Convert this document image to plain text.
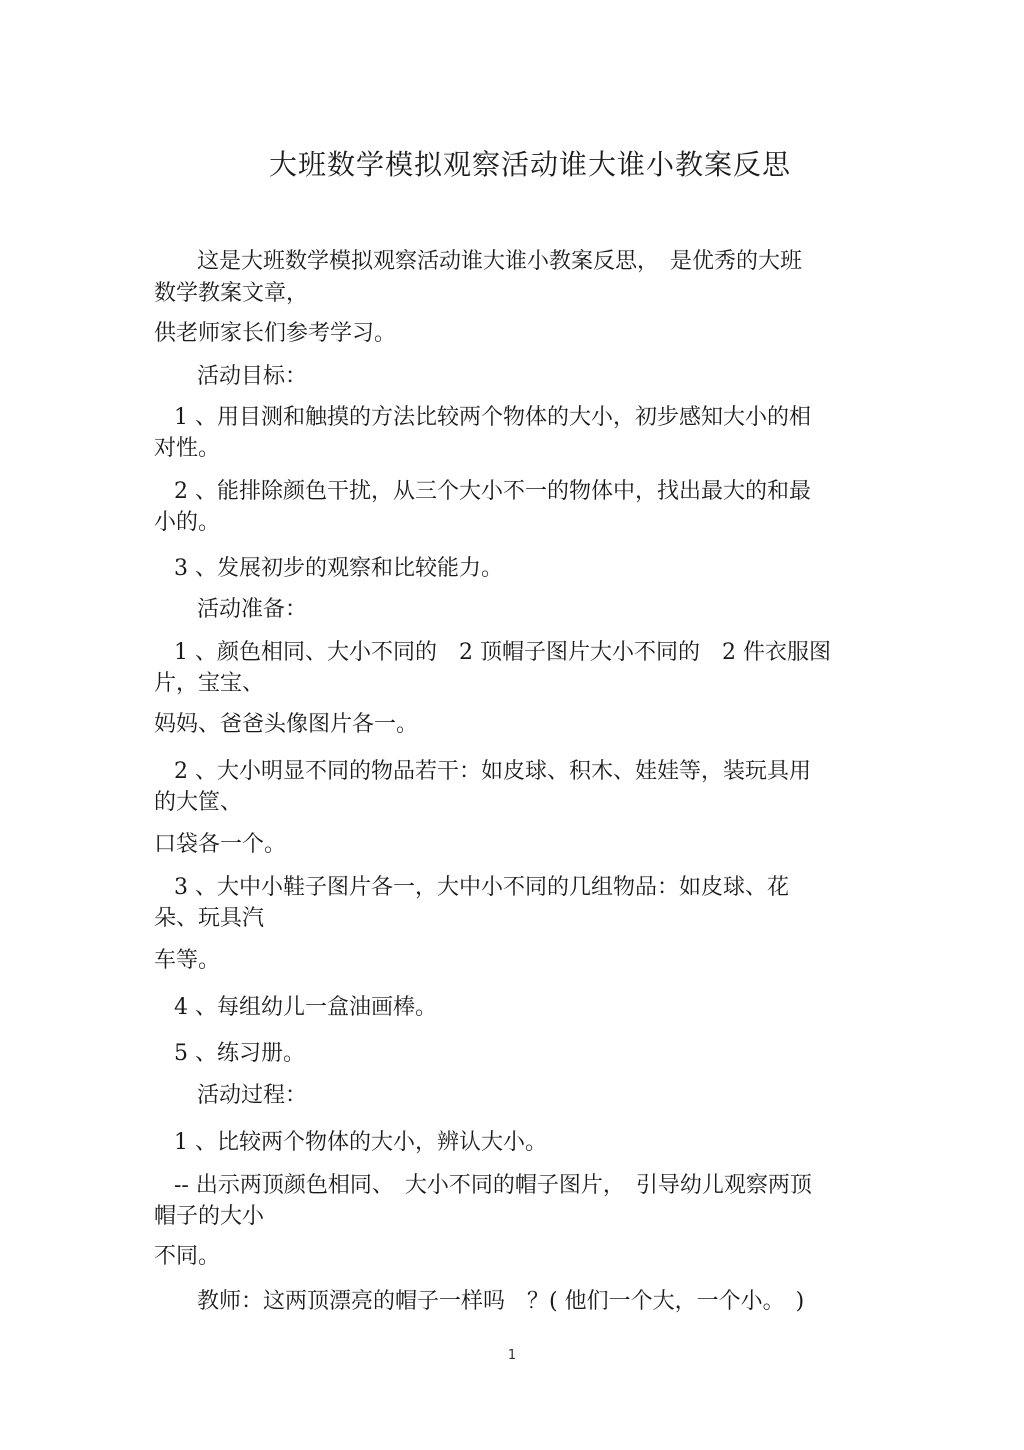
大班数学模拟观察活动谁大谁小教案反思
这是大班数学模拟观察活动谁大谁小教案反思，　是优秀的大班
数学教案文章，
供老师家长们参考学习。
活动目标：
1 、用目测和触摸的方法比较两个物体的大小，初步感知大小的相
对性。
2 、能排除颜色干扰，从三个大小不一的物体中，找出最大的和最
小的。
3 、发展初步的观察和比较能力。
活动准备：
1 、颜色相同、大小不同的　2 顶帽子图片大小不同的　2 件衣服图
片，宝宝、
妈妈、爸爸头像图片各一。
2 、大小明显不同的物品若干：如皮球、积木、娃娃等，装玩具用
的大筐、
口袋各一个。
3 、大中小鞋子图片各一，大中小不同的几组物品：如皮球、花
朵、玩具汽
车等。
4 、每组幼儿一盒油画棒。
5 、练习册。
活动过程：
1 、比较两个物体的大小，辨认大小。
-- 出示两顶颜色相同、　大小不同的帽子图片，　引导幼儿观察两顶
帽子的大小
不同。
教师：这两顶漂亮的帽子一样吗　？( 他们一个大，一个小。　)
1
